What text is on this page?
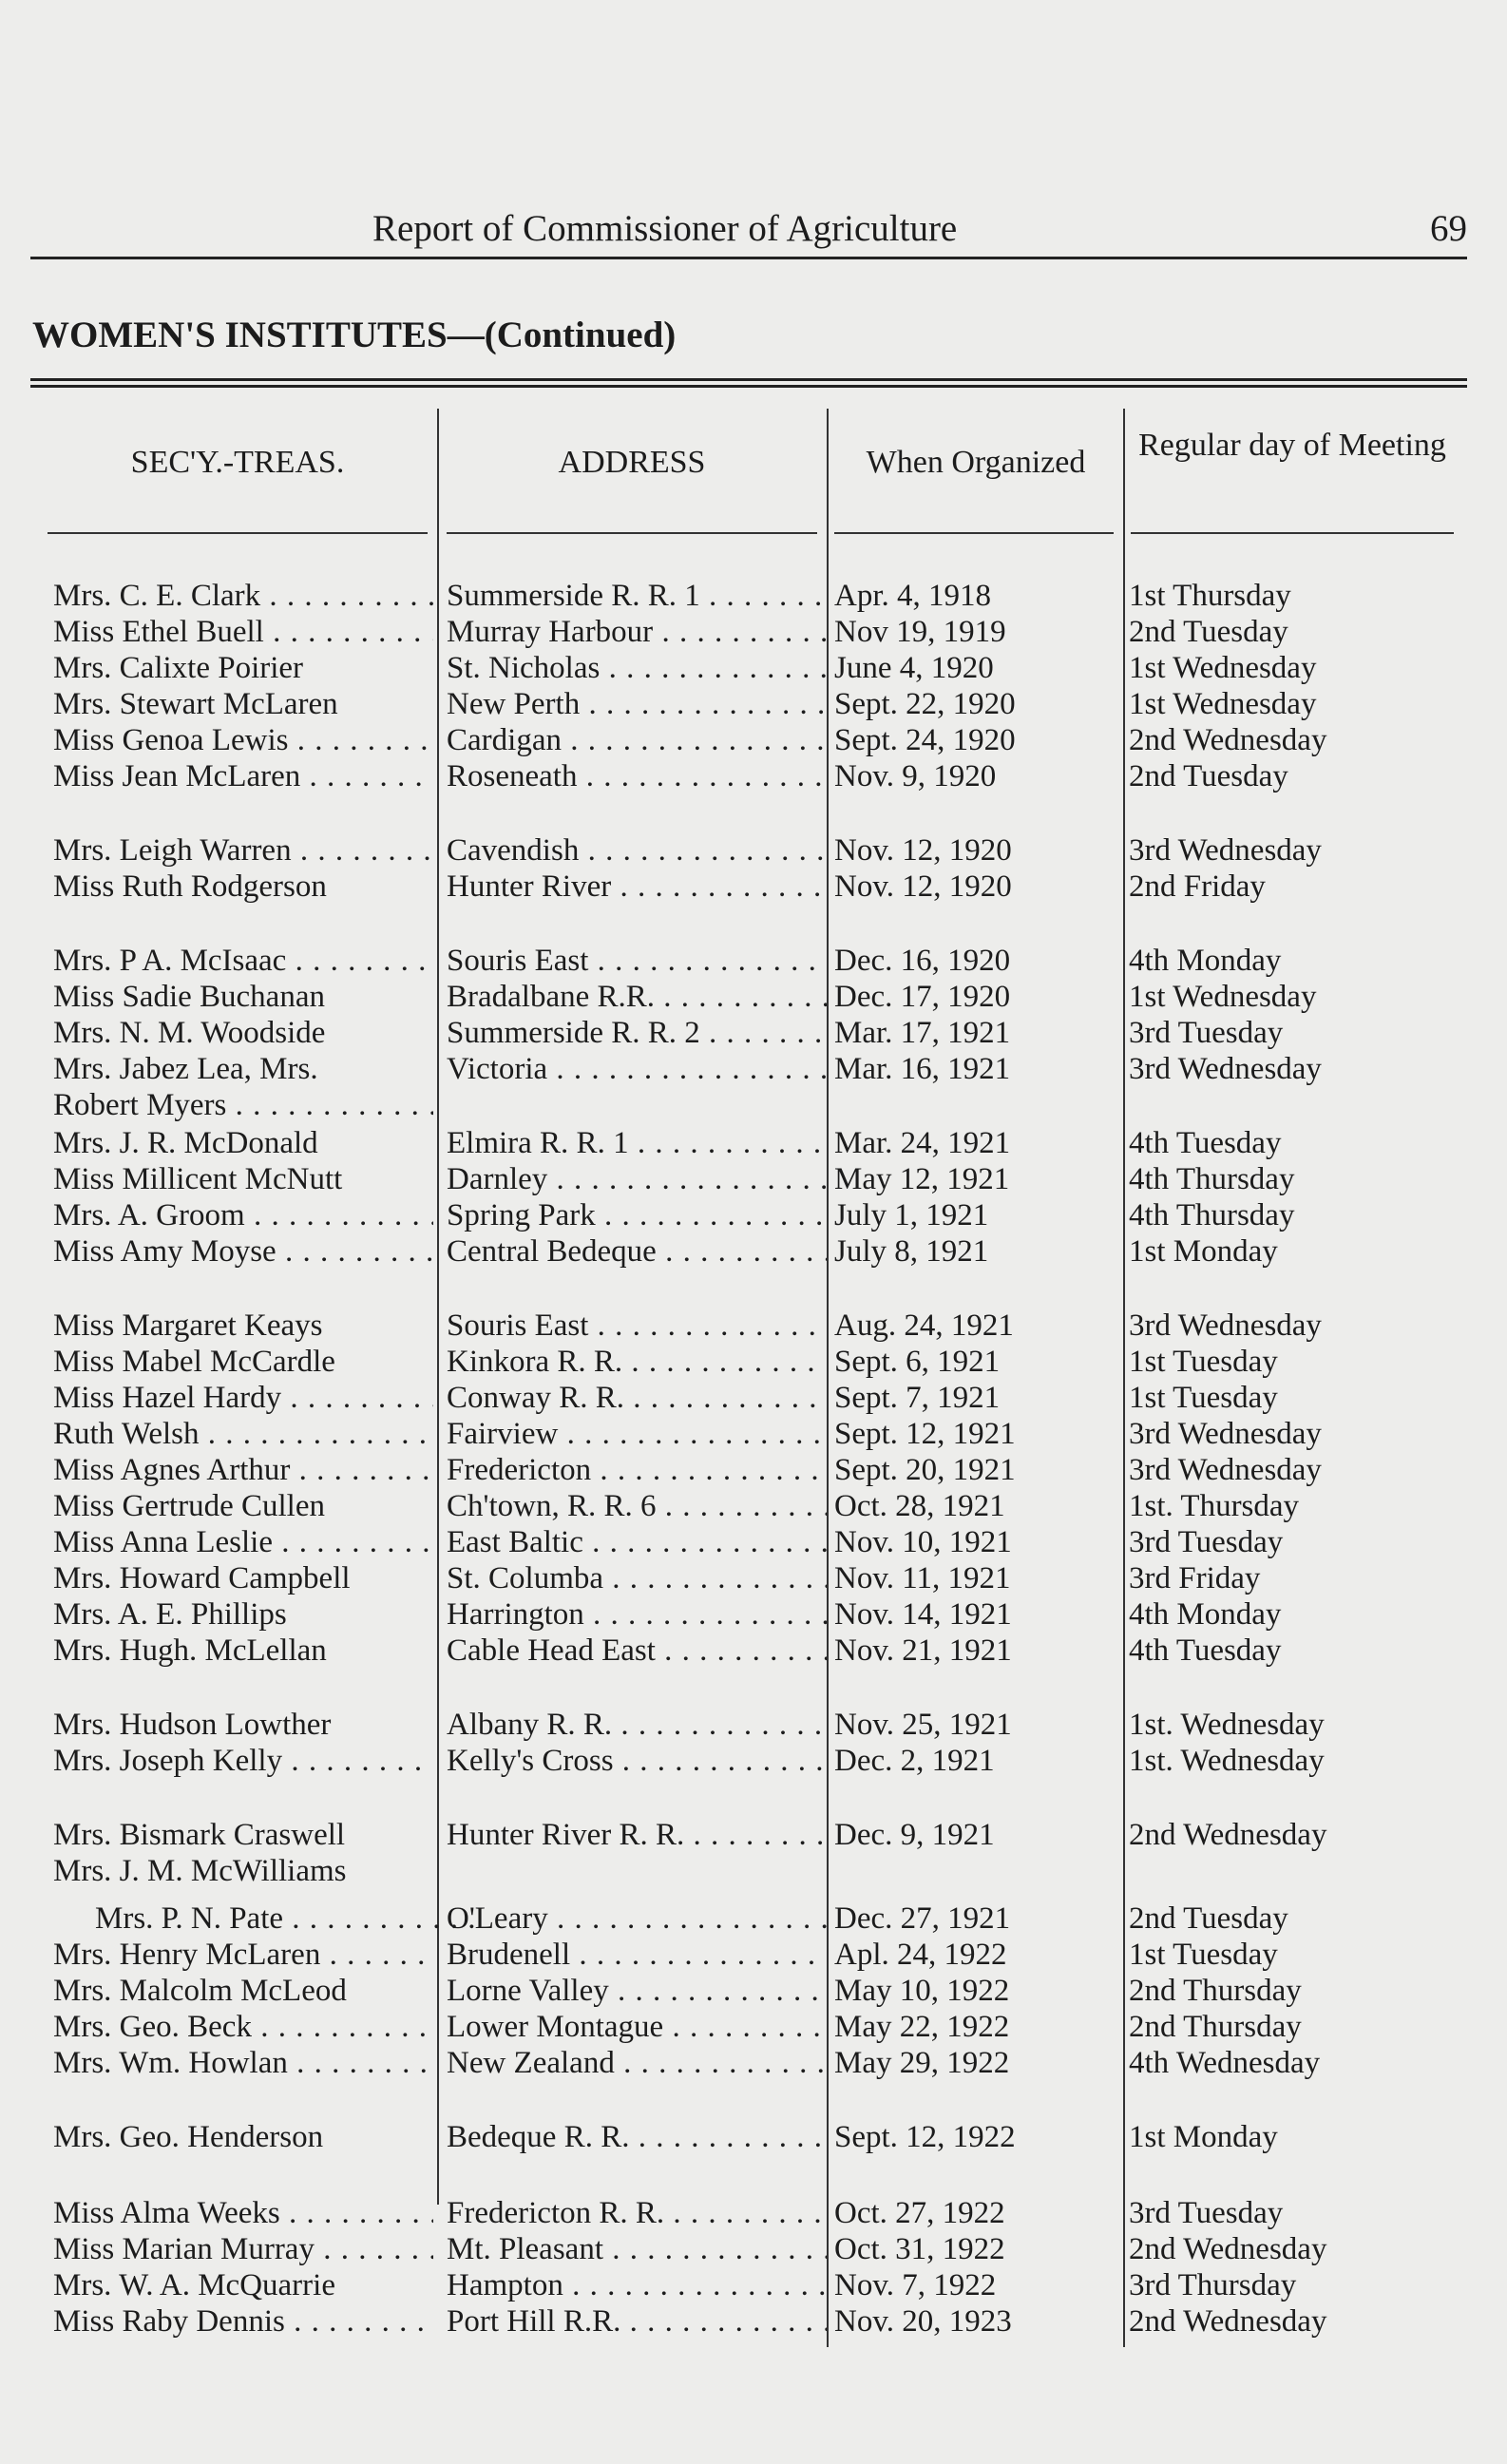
Report of Commissioner of Agriculture	69
WOMEN'S INSTITUTES—(Continued)
SEC'Y.-TREAS.	ADDRESS	When Organized	Regular day of Meeting
Mrs. C. E. Clark . . .	Summerside R. R. 1 . . .	Apr. 4, 1918	1st Thursday
Miss Ethel Buell . . .	Murray Harbour . . .	Nov 19, 1919	2nd Tuesday
Mrs. Calixte Poirier	St. Nicholas . . .	June 4, 1920	1st Wednesday
Mrs. Stewart McLaren	New Perth . . .	Sept. 22, 1920	1st Wednesday
Miss Genoa Lewis . . .	Cardigan . . .	Sept. 24, 1920	2nd Wednesday
Miss Jean McLaren . . .	Roseneath . . .	Nov. 9, 1920	2nd Tuesday
Mrs. Leigh Warren . . .	Cavendish . . .	Nov. 12, 1920	3rd Wednesday
Miss Ruth Rodgerson	Hunter River . . .	Nov. 12, 1920	2nd Friday
Mrs. P A. McIsaac . . .	Souris East . . .	Dec. 16, 1920	4th Monday
Miss Sadie Buchanan	Bradalbane R.R. . . .	Dec. 17, 1920	1st Wednesday
Mrs. N. M. Woodside	Summerside R. R. 2 . . .	Mar. 17, 1921	3rd Tuesday
Mrs. Jabez Lea, Mrs.	Victoria . . .	Mar. 16, 1921	3rd Wednesday
Robert Myers . . .
Mrs. J. R. McDonald	Elmira R. R. 1 . . .	Mar. 24, 1921	4th Tuesday
Miss Millicent McNutt	Darnley . . .	May 12, 1921	4th Thursday
Mrs. A. Groom . . .	Spring Park . . .	July 1, 1921	4th Thursday
Miss Amy Moyse . . .	Central Bedeque . . .	July 8, 1921	1st Monday
Miss Margaret Keays	Souris East . . .	Aug. 24, 1921	3rd Wednesday
Miss Mabel McCardle	Kinkora R. R. . . .	Sept. 6, 1921	1st Tuesday
Miss Hazel Hardy . . .	Conway R. R. . . .	Sept. 7, 1921	1st Tuesday
Ruth Welsh . . .	Fairview . . .	Sept. 12, 1921	3rd Wednesday
Miss Agnes Arthur . . .	Fredericton . . .	Sept. 20, 1921	3rd Wednesday
Miss Gertrude Cullen	Ch'town, R. R. 6 . . .	Oct. 28, 1921	1st. Thursday
Miss Anna Leslie . . .	East Baltic . . .	Nov. 10, 1921	3rd Tuesday
Mrs. Howard Campbell	St. Columba . . .	Nov. 11, 1921	3rd Friday
Mrs. A. E. Phillips	Harrington . . .	Nov. 14, 1921	4th Monday
Mrs. Hugh. McLellan	Cable Head East . . .	Nov. 21, 1921	4th Tuesday
Mrs. Hudson Lowther	Albany R. R. . . .	Nov. 25, 1921	1st. Wednesday
Mrs. Joseph Kelly . . .	Kelly's Cross . . .	Dec. 2, 1921	1st. Wednesday
Mrs. Bismark Craswell	Hunter River R. R. . . .	Dec. 9, 1921	2nd Wednesday
Mrs. J. M. McWilliams
Mrs. P. N. Pate . . .	O'Leary . . .	Dec. 27, 1921	2nd Tuesday
Mrs. Henry McLaren . . .	Brudenell . . .	Apl. 24, 1922	1st Tuesday
Mrs. Malcolm McLeod	Lorne Valley . . .	May 10, 1922	2nd Thursday
Mrs. Geo. Beck . . .	Lower Montague . . .	May 22, 1922	2nd Thursday
Mrs. Wm. Howlan . . .	New Zealand . . .	May 29, 1922	4th Wednesday
Mrs. Geo. Henderson	Bedeque R. R. . . .	Sept. 12, 1922	1st Monday
Miss Alma Weeks . . .	Fredericton R. R. . . .	Oct. 27, 1922	3rd Tuesday
Miss Marian Murray . . .	Mt. Pleasant . . .	Oct. 31, 1922	2nd Wednesday
Mrs. W. A. McQuarrie	Hampton . . .	Nov. 7, 1922	3rd Thursday
Miss Raby Dennis . . .	Port Hill R.R. . . .	Nov. 20, 1923	2nd Wednesday
